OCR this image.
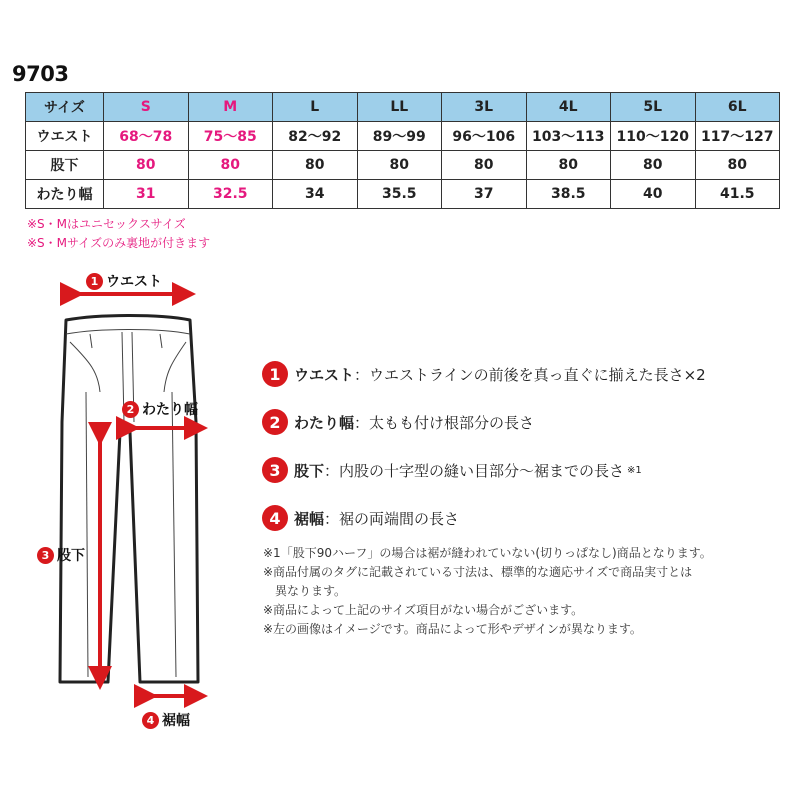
9703
サイズ	S	M	L	LL	3L	4L	5L	6L
ウエスト	68〜78	75〜85	82〜92	89〜99	96〜106	103〜113	110〜120	117〜127
股下	80	80	80	80	80	80	80	80
わたり幅	31	32.5	34	35.5	37	38.5	40	41.5
※S・Mはユニセックスサイズ
※S・Mサイズのみ裏地が付きます
1 ウエスト
2 わたり幅
3 股下
4 裾幅
1 ウエスト ：ウエストラインの前後を真っ直ぐに揃えた長さ×2
2 わたり幅 ：太もも付け根部分の長さ
3 股下 ：内股の十字型の縫い目部分〜裾までの長さ ※1
4 裾幅 ：裾の両端間の長さ
※1「股下90ハーフ」の場合は裾が縫われていない(切りっぱなし)商品となります。
※商品付属のタグに記載されている寸法は、標準的な適応サイズで商品実寸とは
異なります。
※商品によって上記のサイズ項目がない場合がございます。
※左の画像はイメージです。商品によって形やデザインが異なります。
